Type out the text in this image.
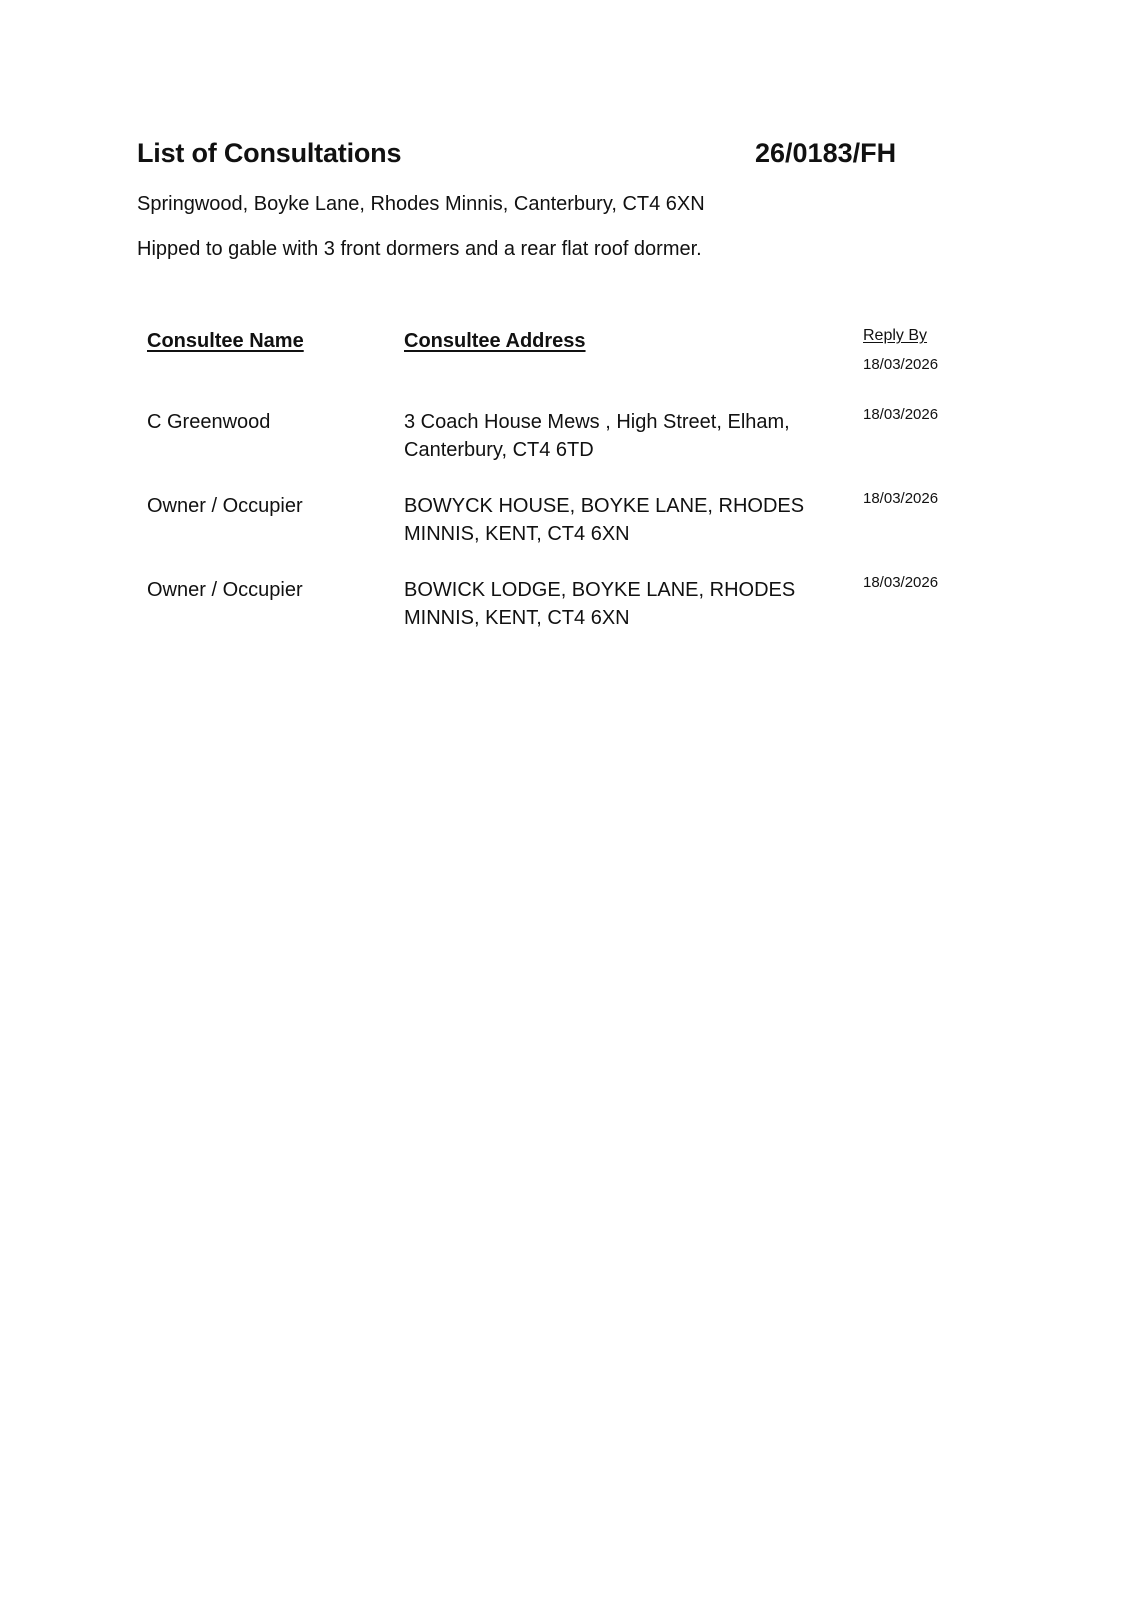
List of Consultations	26/0183/FH
Springwood, Boyke Lane, Rhodes Minnis, Canterbury, CT4 6XN
Hipped to gable with 3 front dormers and a rear flat roof dormer.
Consultee Name	Consultee Address	Reply By
18/03/2026
C Greenwood	3 Coach House Mews , High Street, Elham,
Canterbury, CT4 6TD
18/03/2026
Owner / Occupier	BOWYCK HOUSE, BOYKE LANE, RHODES
MINNIS, KENT, CT4 6XN
18/03/2026
Owner / Occupier	BOWICK LODGE, BOYKE LANE, RHODES
MINNIS, KENT, CT4 6XN
18/03/2026
